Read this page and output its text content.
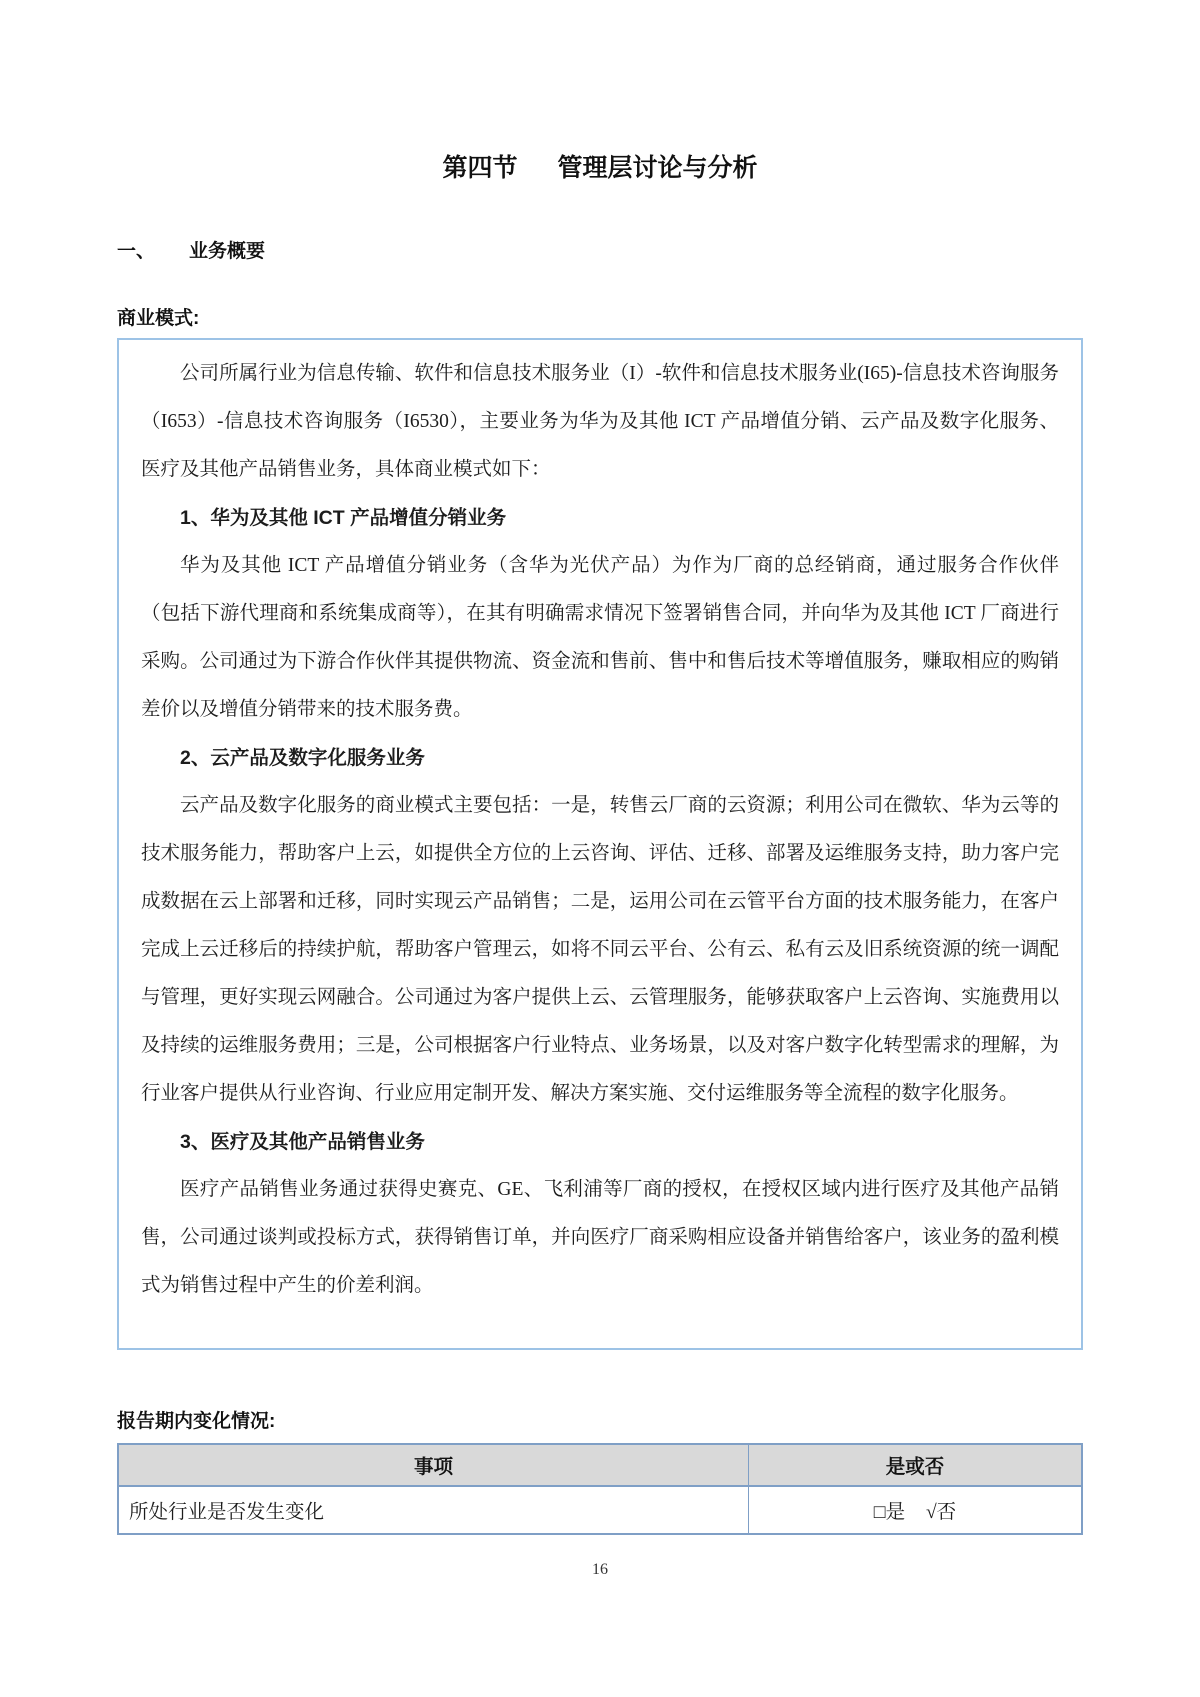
第四节 管理层讨论与分析
一、 业务概要
商业模式:
公司所属行业为信息传输、软件和信息技术服务业（I）-软件和信息技术服务业(I65)-信息技术咨询服务（I653）-信息技术咨询服务（I6530），主要业务为华为及其他 ICT 产品增值分销、云产品及数字化服务、医疗及其他产品销售业务，具体商业模式如下：
1、华为及其他 ICT 产品增值分销业务
华为及其他 ICT 产品增值分销业务（含华为光伏产品）为作为厂商的总经销商，通过服务合作伙伴（包括下游代理商和系统集成商等），在其有明确需求情况下签署销售合同，并向华为及其他 ICT 厂商进行采购。公司通过为下游合作伙伴其提供物流、资金流和售前、售中和售后技术等增值服务，赚取相应的购销差价以及增值分销带来的技术服务费。
2、云产品及数字化服务业务
云产品及数字化服务的商业模式主要包括：一是，转售云厂商的云资源；利用公司在微软、华为云等的技术服务能力，帮助客户上云，如提供全方位的上云咨询、评估、迁移、部署及运维服务支持，助力客户完成数据在云上部署和迁移，同时实现云产品销售；二是，运用公司在云管平台方面的技术服务能力，在客户完成上云迁移后的持续护航，帮助客户管理云，如将不同云平台、公有云、私有云及旧系统资源的统一调配与管理，更好实现云网融合。公司通过为客户提供上云、云管理服务，能够获取客户上云咨询、实施费用以及持续的运维服务费用；三是，公司根据客户行业特点、业务场景，以及对客户数字化转型需求的理解，为行业客户提供从行业咨询、行业应用定制开发、解决方案实施、交付运维服务等全流程的数字化服务。
3、医疗及其他产品销售业务
医疗产品销售业务通过获得史赛克、GE、飞利浦等厂商的授权，在授权区域内进行医疗及其他产品销售，公司通过谈判或投标方式，获得销售订单，并向医疗厂商采购相应设备并销售给客户，该业务的盈利模式为销售过程中产生的价差利润。
报告期内变化情况:
事项	是或否
所处行业是否发生变化	□是 √否
16
